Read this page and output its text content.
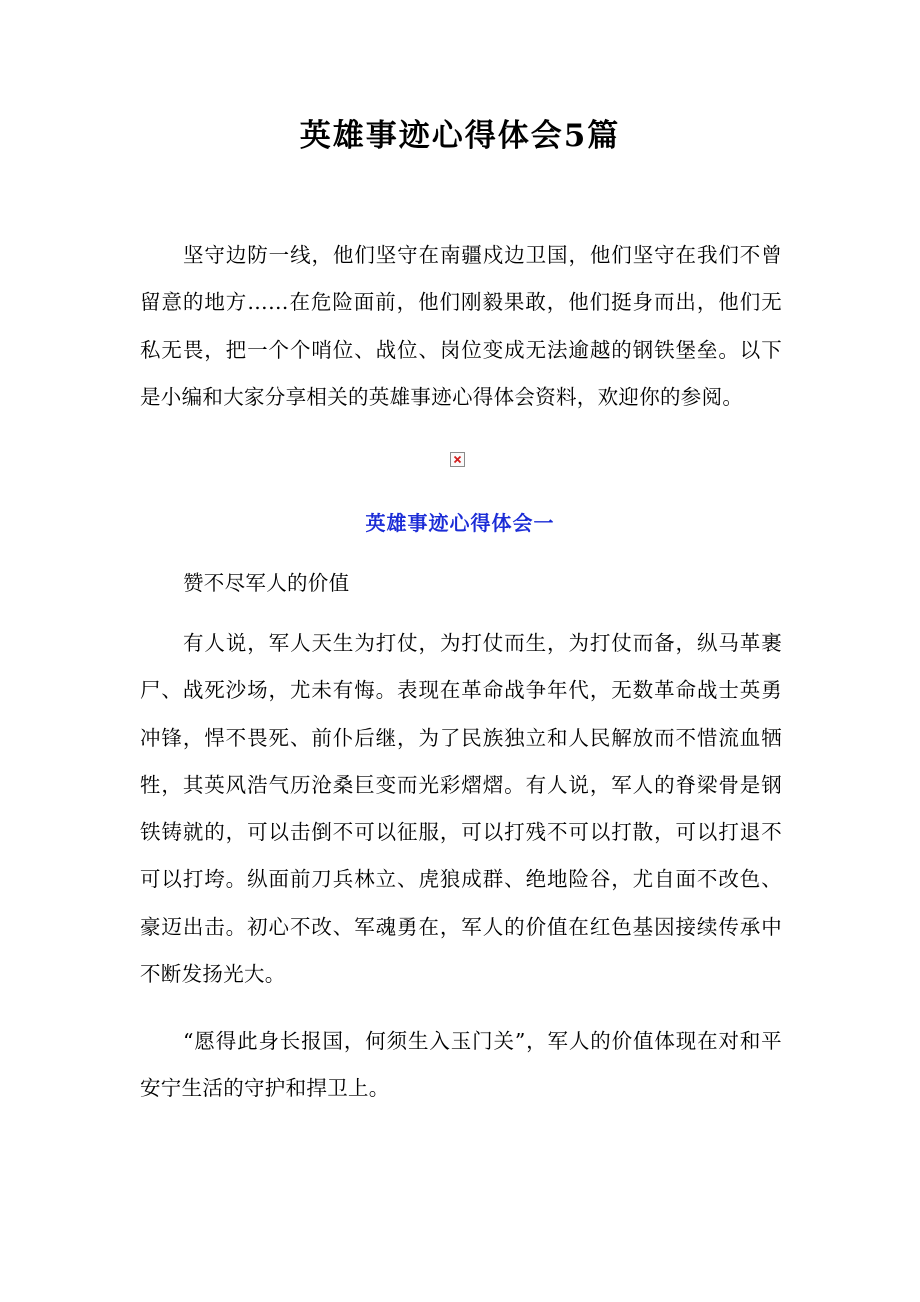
英雄事迹心得体会5篇

坚守边防一线，他们坚守在南疆戍边卫国，他们坚守在我们不曾留意的地方……在危险面前，他们刚毅果敢，他们挺身而出，他们无私无畏，把一个个哨位、战位、岗位变成无法逾越的钢铁堡垒。以下是小编和大家分享相关的英雄事迹心得体会资料，欢迎你的参阅。

英雄事迹心得体会一

赞不尽军人的价值

有人说，军人天生为打仗，为打仗而生，为打仗而备，纵马革裹尸、战死沙场，尤未有悔。表现在革命战争年代，无数革命战士英勇冲锋，悍不畏死、前仆后继，为了民族独立和人民解放而不惜流血牺牲，其英风浩气历沧桑巨变而光彩熠熠。有人说，军人的脊梁骨是钢铁铸就的，可以击倒不可以征服，可以打残不可以打散，可以打退不可以打垮。纵面前刀兵林立、虎狼成群、绝地险谷，尤自面不改色、豪迈出击。初心不改、军魂勇在，军人的价值在红色基因接续传承中不断发扬光大。

“愿得此身长报国，何须生入玉门关”，军人的价值体现在对和平安宁生活的守护和捍卫上。
